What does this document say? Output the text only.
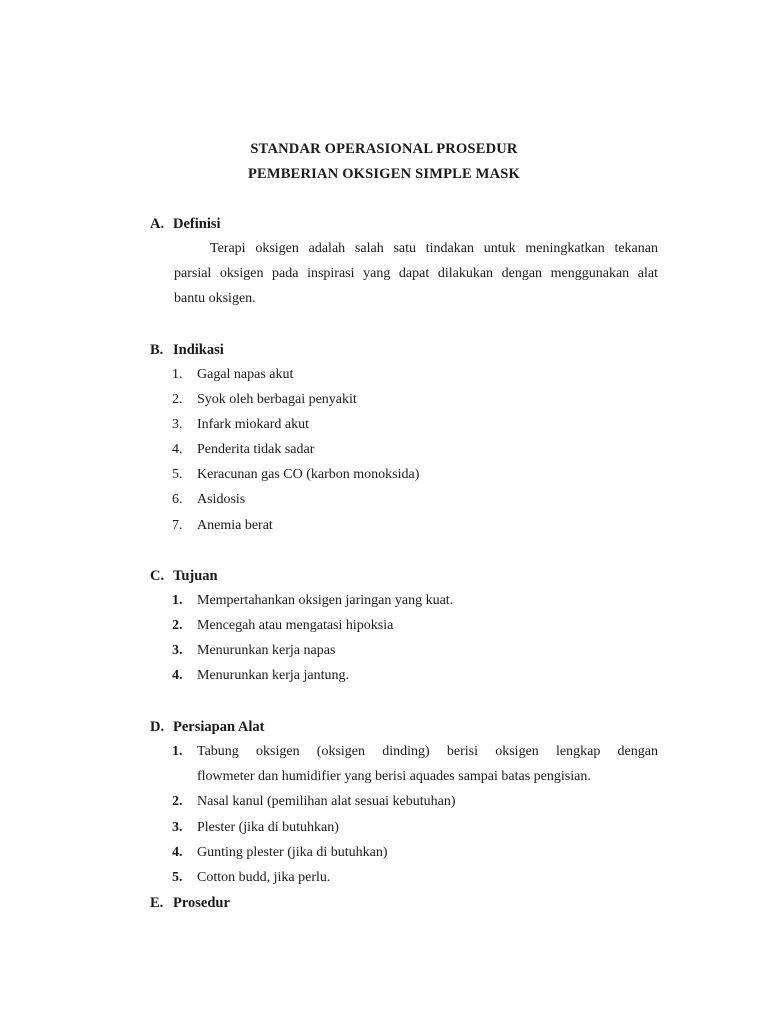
STANDAR OPERASIONAL PROSEDUR
PEMBERIAN OKSIGEN SIMPLE MASK
A. Definisi
Terapi oksigen adalah salah satu tindakan untuk meningkatkan tekanan
parsial oksigen pada inspirasi yang dapat dilakukan dengan menggunakan alat
bantu oksigen.
B. Indikasi
1.	Gagal napas akut
2.	Syok oleh berbagai penyakit
3.	Infark miokard akut
4.	Penderita tidak sadar
5.	Keracunan gas CO (karbon monoksida)
6.	Asidosis
7.	Anemia berat
C. Tujuan
1.	Mempertahankan oksigen jaringan yang kuat.
2.	Mencegah atau mengatasi hipoksia
3.	Menurunkan kerja napas
4.	Menurunkan kerja jantung.
D. Persiapan Alat
1.	Tabung oksigen (oksigen dinding) berisi oksigen lengkap dengan
flowmeter dan humidifier yang berisi aquades sampai batas pengisian.
2.	Nasal kanul (pemilihan alat sesuai kebutuhan)
3.	Plester (jika di butuhkan)
4.	Gunting plester (jika di butuhkan)
5.	Cotton budd, jika perlu.
E. Prosedur
